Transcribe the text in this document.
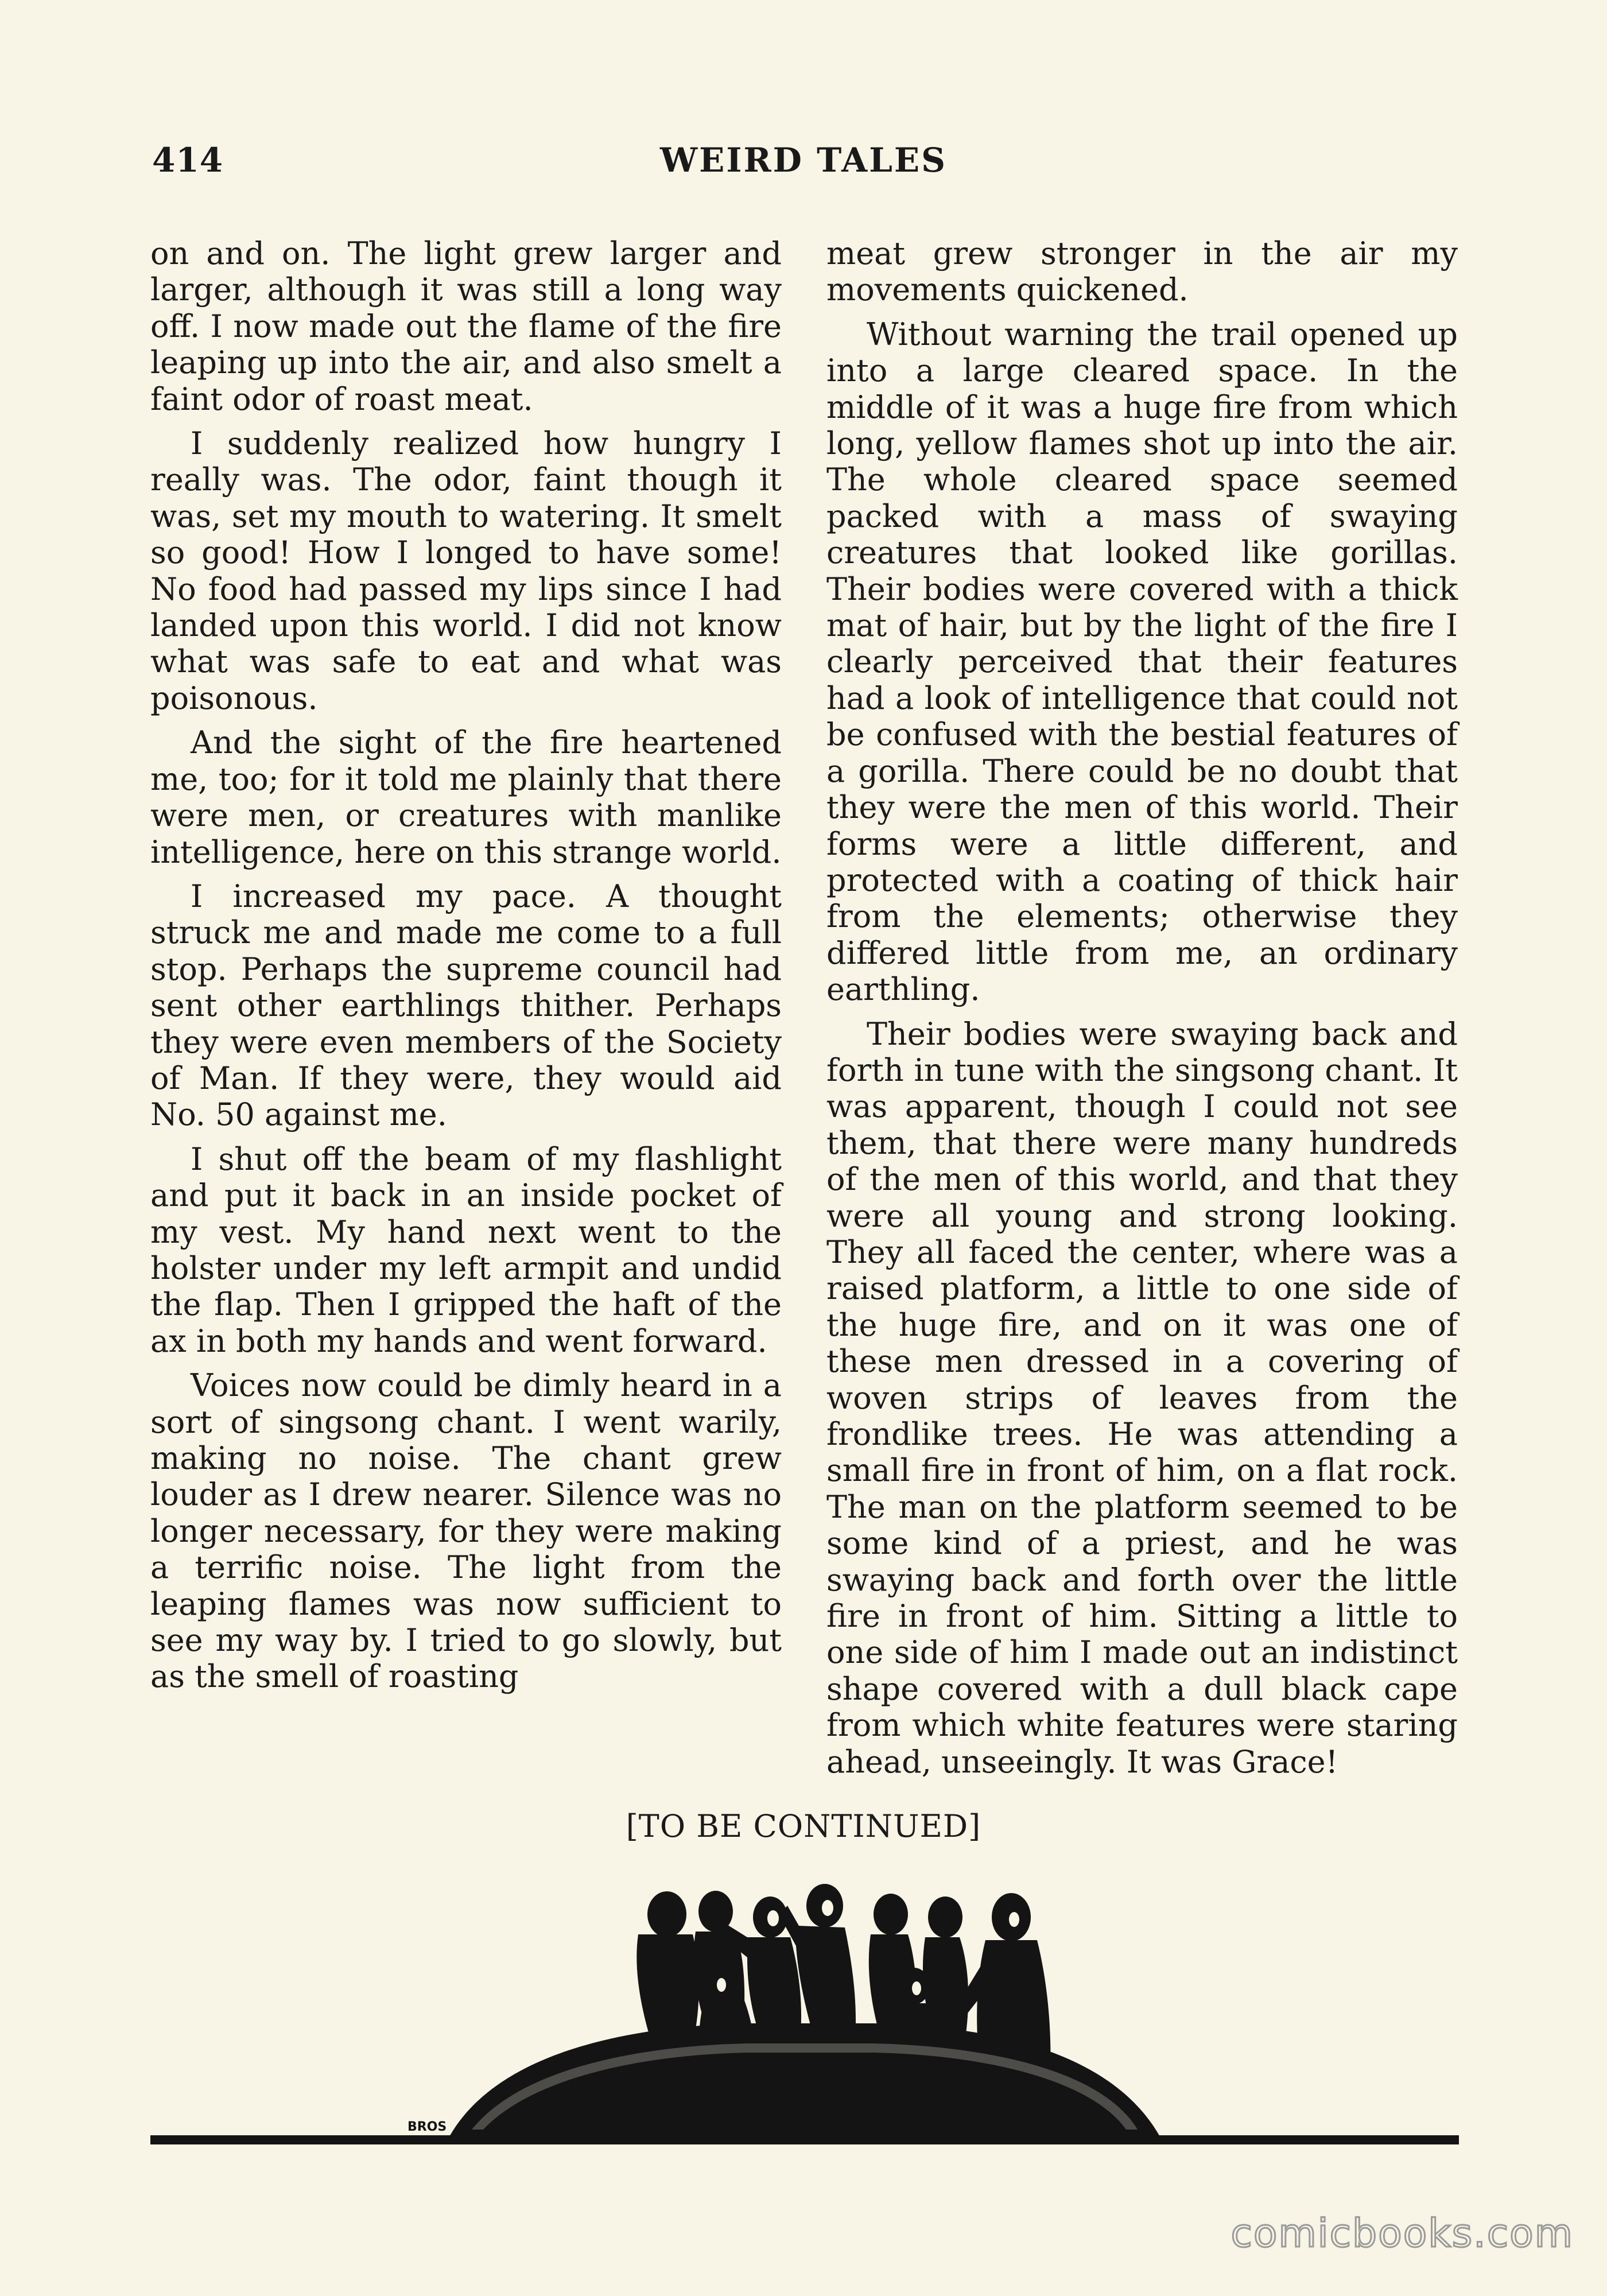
414	WEIRD TALES

on and on. The light grew larger and larger, although it was still a long way off. I now made out the flame of the fire leaping up into the air, and also smelt a faint odor of roast meat.

I suddenly realized how hungry I really was. The odor, faint though it was, set my mouth to watering. It smelt so good! How I longed to have some! No food had passed my lips since I had landed upon this world. I did not know what was safe to eat and what was poisonous.

And the sight of the fire heartened me, too; for it told me plainly that there were men, or creatures with manlike intelligence, here on this strange world.

I increased my pace. A thought struck me and made me come to a full stop. Perhaps the supreme council had sent other earthlings thither. Perhaps they were even members of the Society of Man. If they were, they would aid No. 50 against me.

I shut off the beam of my flashlight and put it back in an inside pocket of my vest. My hand next went to the holster under my left armpit and undid the flap. Then I gripped the haft of the ax in both my hands and went forward.

Voices now could be dimly heard in a sort of singsong chant. I went warily, making no noise. The chant grew louder as I drew nearer. Silence was no longer necessary, for they were making a terrific noise. The light from the leaping flames was now sufficient to see my way by. I tried to go slowly, but as the smell of roasting

meat grew stronger in the air my movements quickened.

Without warning the trail opened up into a large cleared space. In the middle of it was a huge fire from which long, yellow flames shot up into the air. The whole cleared space seemed packed with a mass of swaying creatures that looked like gorillas. Their bodies were covered with a thick mat of hair, but by the light of the fire I clearly perceived that their features had a look of intelligence that could not be confused with the bestial features of a gorilla. There could be no doubt that they were the men of this world. Their forms were a little different, and protected with a coating of thick hair from the elements; otherwise they differed little from me, an ordinary earthling.

Their bodies were swaying back and forth in tune with the singsong chant. It was apparent, though I could not see them, that there were many hundreds of the men of this world, and that they were all young and strong looking. They all faced the center, where was a raised platform, a little to one side of the huge fire, and on it was one of these men dressed in a covering of woven strips of leaves from the frondlike trees. He was attending a small fire in front of him, on a flat rock. The man on the platform seemed to be some kind of a priest, and he was swaying back and forth over the little fire in front of him. Sitting a little to one side of him I made out an indistinct shape covered with a dull black cape from which white features were staring ahead, unseeingly. It was Grace!

[TO BE CONTINUED]
BROS
comicbooks.com
